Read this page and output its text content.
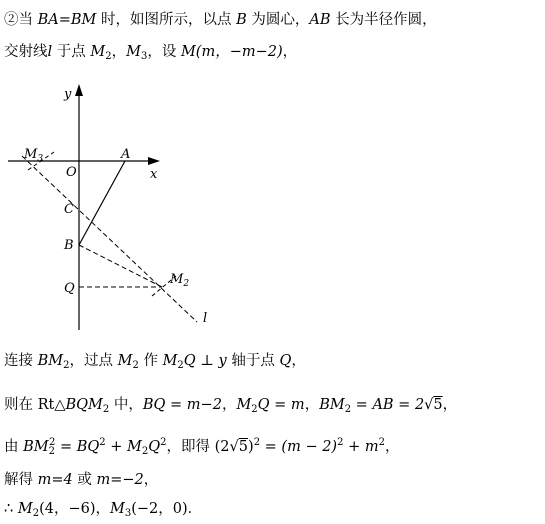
②当 BA=BM 时，如图所示，以点 B 为圆心，AB 长为半径作圆，
交射线l 于点 $M_2$，$M_3$，设 M(m，−m−2)，
y
x
O
A
C
B
Q
l
$M_2$
$M_3$
连接 $BM_2$，过点 $M_2$ 作 $M_2Q$ ⊥ y 轴于点 Q，
则在 $Rt\triangle BQM_2$ 中，BQ = m−2，$M_2Q = m$，$BM_2$ = AB = 2√5，
由 $BM_2^2 = BQ^2 + M_2Q^2$，即得 $(2√5)^2 = (m - 2)^2 + m^2$，
解得 m=4 或 m=−2，
∴ $M_2(4$，−6)，$M_3(-2$，0)．
